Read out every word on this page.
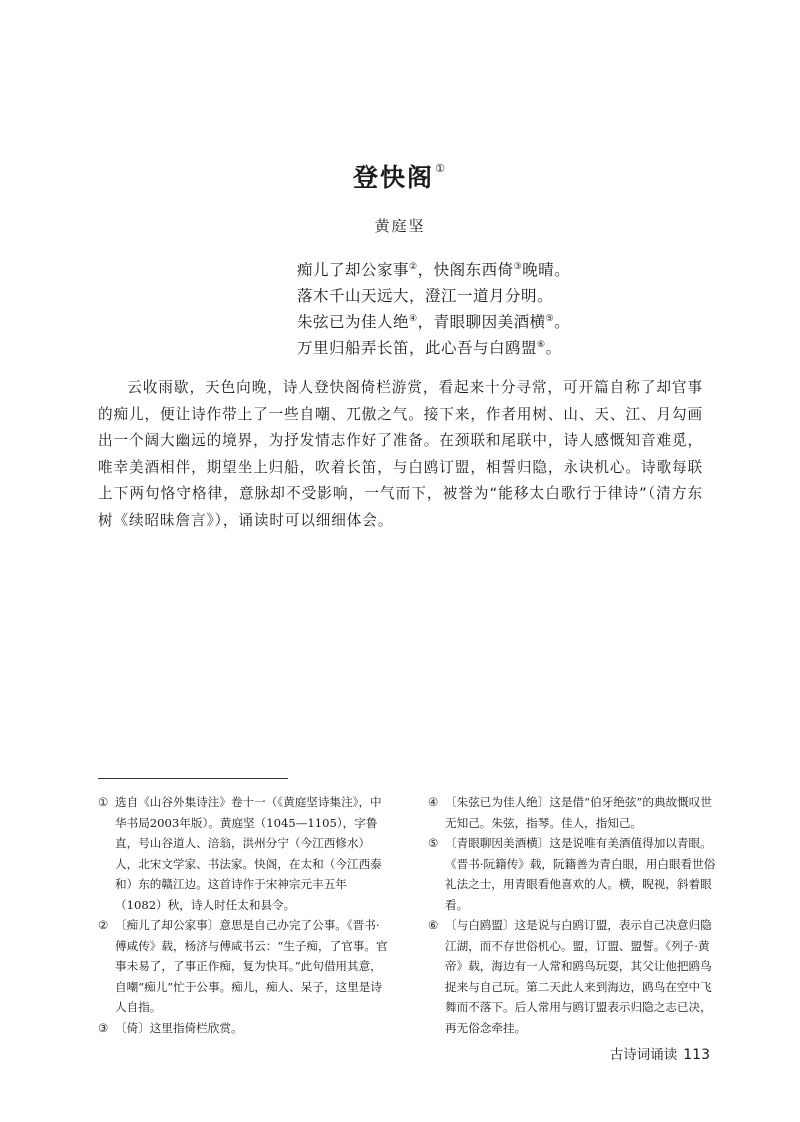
登快阁①
黄庭坚
痴儿了却公家事②，快阁东西倚③晚晴。
落木千山天远大，澄江一道月分明。
朱弦已为佳人绝④，青眼聊因美酒横⑤。
万里归船弄长笛，此心吾与白鸥盟⑥。
云收雨歇，天色向晚，诗人登快阁倚栏游赏，看起来十分寻常，可开篇自称了却官事的痴儿，便让诗作带上了一些自嘲、兀傲之气。接下来，作者用树、山、天、江、月勾画出一个阔大幽远的境界，为抒发情志作好了准备。在颈联和尾联中，诗人感慨知音难觅，唯幸美酒相伴，期望坐上归船，吹着长笛，与白鸥订盟，相誓归隐，永诀机心。诗歌每联上下两句恪守格律，意脉却不受影响，一气而下，被誉为“能移太白歌行于律诗”（清方东树《续昭昧詹言》），诵读时可以细细体会。
① 选自《山谷外集诗注》卷十一（《黄庭坚诗集注》，中华书局2003年版）。黄庭坚（1045—1105），字鲁直，号山谷道人、涪翁，洪州分宁（今江西修水）人，北宋文学家、书法家。快阁，在太和（今江西泰和）东的赣江边。这首诗作于宋神宗元丰五年（1082）秋，诗人时任太和县令。
② 〔痴儿了却公家事〕意思是自己办完了公事。《晋书·傅咸传》载，杨济与傅咸书云：“生子痴，了官事。官事未易了，了事正作痴，复为快耳。”此句借用其意，自嘲“痴儿”忙于公事。痴儿，痴人、呆子，这里是诗人自指。
③ 〔倚〕这里指倚栏欣赏。
④ 〔朱弦已为佳人绝〕这是借“伯牙绝弦”的典故慨叹世无知己。朱弦，指琴。佳人，指知己。
⑤ 〔青眼聊因美酒横〕这是说唯有美酒值得加以青眼。《晋书·阮籍传》载，阮籍善为青白眼，用白眼看世俗礼法之士，用青眼看他喜欢的人。横，睨视，斜着眼看。
⑥ 〔与白鸥盟〕这是说与白鸥订盟，表示自己决意归隐江湖，而不存世俗机心。盟，订盟、盟誓。《列子·黄帝》载，海边有一人常和鸥鸟玩耍，其父让他把鸥鸟捉来与自己玩。第二天此人来到海边，鸥鸟在空中飞舞而不落下。后人常用与鸥订盟表示归隐之志已决，再无俗念牵挂。
古诗词诵读 113
